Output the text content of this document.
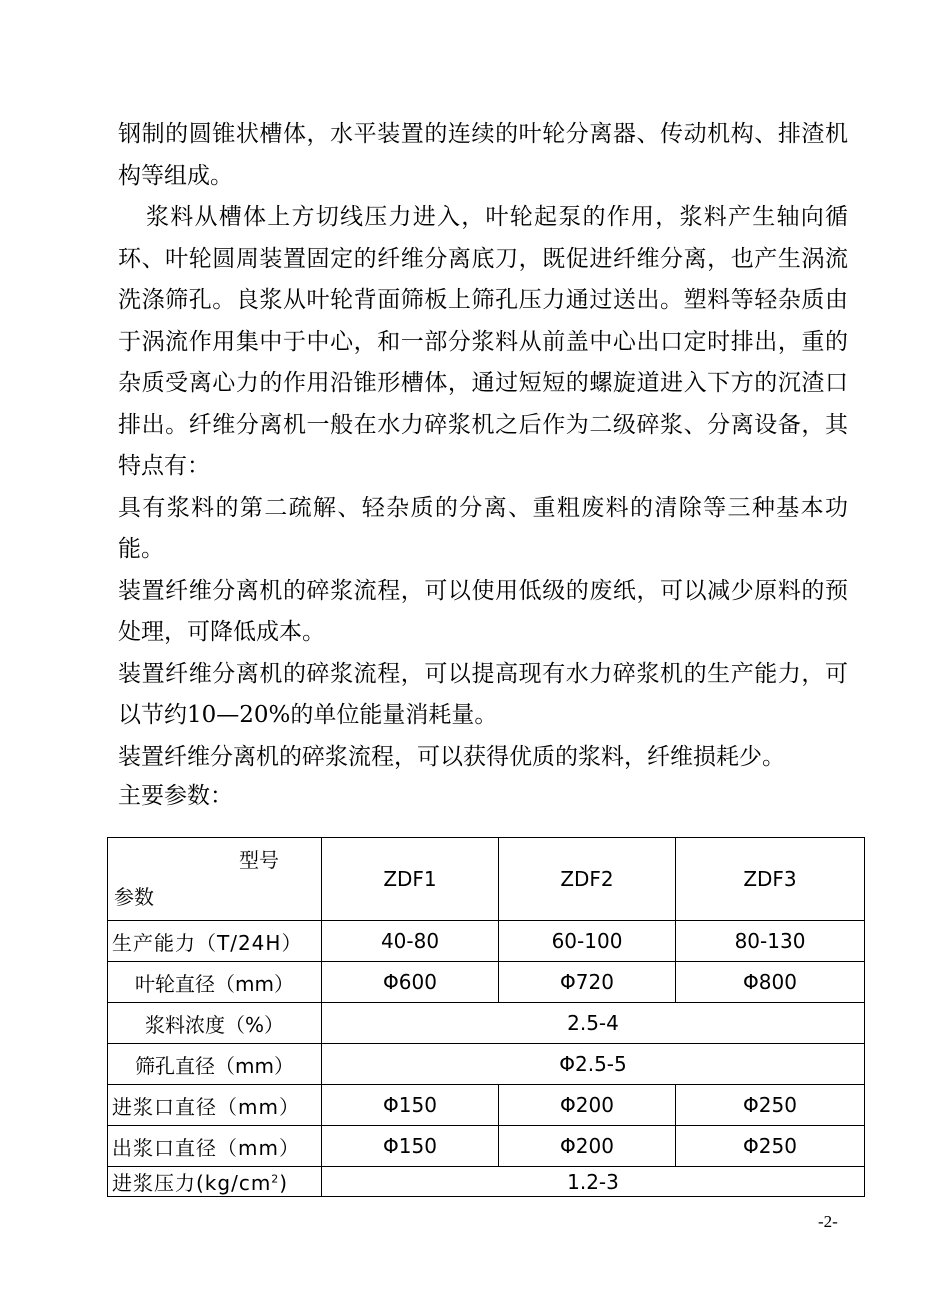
钢制的圆锥状槽体，水平装置的连续的叶轮分离器、传动机构、排渣机构等组成。

浆料从槽体上方切线压力进入，叶轮起泵的作用，浆料产生轴向循环、叶轮圆周装置固定的纤维分离底刀，既促进纤维分离，也产生涡流洗涤筛孔。良浆从叶轮背面筛板上筛孔压力通过送出。塑料等轻杂质由于涡流作用集中于中心，和一部分浆料从前盖中心出口定时排出，重的杂质受离心力的作用沿锥形槽体，通过短短的螺旋道进入下方的沉渣口排出。纤维分离机一般在水力碎浆机之后作为二级碎浆、分离设备，其特点有：

具有浆料的第二疏解、轻杂质的分离、重粗废料的清除等三种基本功能。

装置纤维分离机的碎浆流程，可以使用低级的废纸，可以减少原料的预处理，可降低成本。

装置纤维分离机的碎浆流程，可以提高现有水力碎浆机的生产能力，可以节约10—20%的单位能量消耗量。

装置纤维分离机的碎浆流程，可以获得优质的浆料，纤维损耗少。

主要参数：

型号
参数	ZDF1	ZDF2	ZDF3
生产能力（T/24H）	40-80	60-100	80-130
叶轮直径（mm）	Φ600	Φ720	Φ800
浆料浓度（%）	2.5-4		
筛孔直径（mm）	Φ2.5-5		
进浆口直径（mm）	Φ150	Φ200	Φ250
出浆口直径（mm）	Φ150	Φ200	Φ250
进浆压力$(kg/cm^2)$	1.2-3		
-2-
